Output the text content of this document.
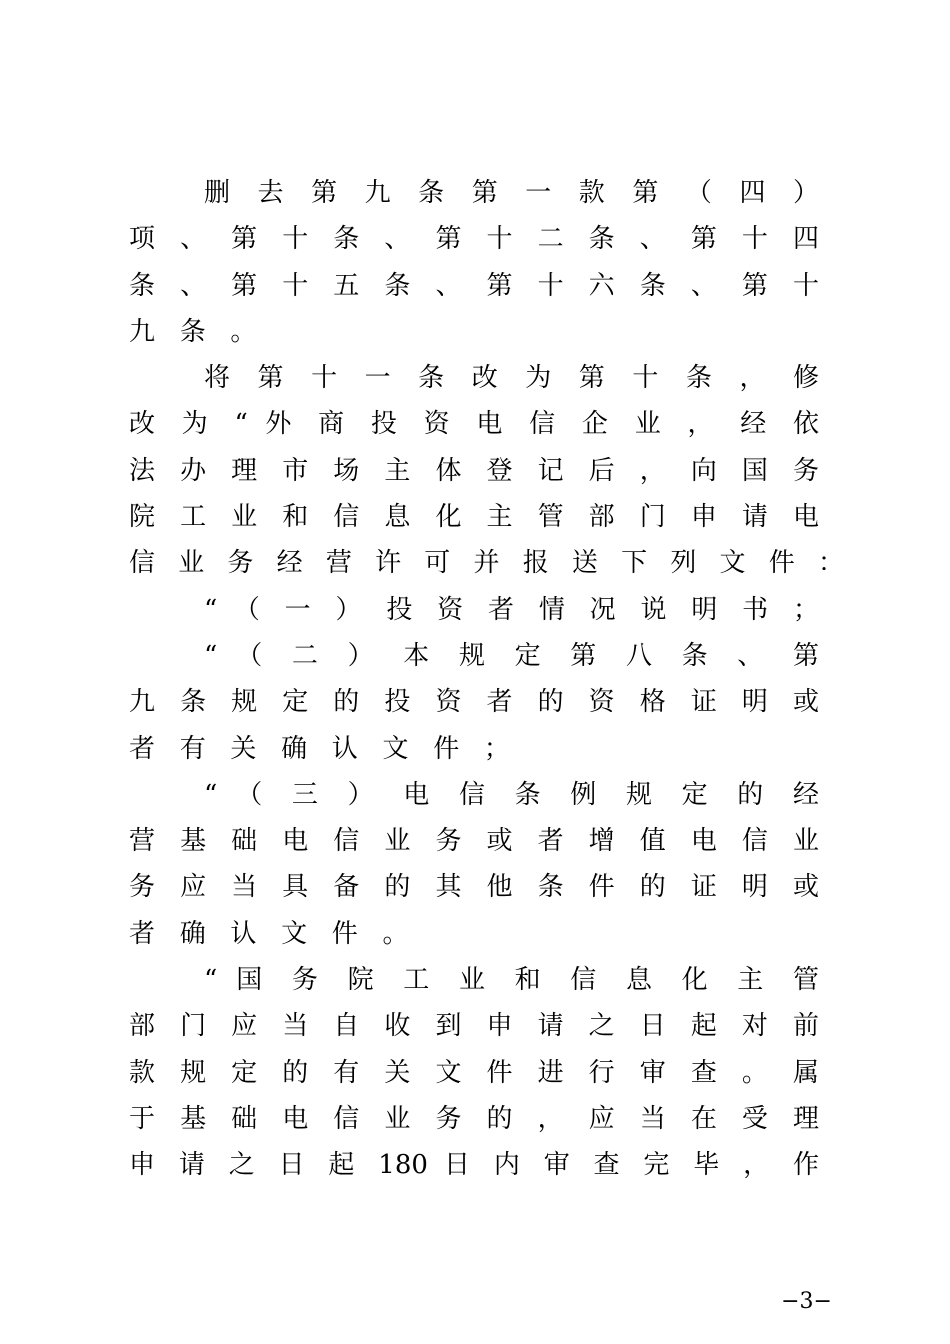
删 去 第 九 条 第 一 款 第 （ 四 ）
项 、 第 十 条 、 第 十 二 条 、 第 十 四
条 、 第 十 五 条 、 第 十 六 条 、 第 十
九条。
将 第 十 一 条 改 为 第 十 条 ， 修
改 为 “ 外 商 投 资 电 信 企 业 ， 经 依
法 办 理 市 场 主 体 登 记 后 ， 向 国 务
院 工 业 和 信 息 化 主 管 部 门 申 请 电
信 业 务 经 营 许 可 并 报 送 下 列 文 件 ：
“ （ 一 ） 投 资 者 情 况 说 明 书 ；
“ （ 二 ） 本 规 定 第 八 条 、 第
九 条 规 定 的 投 资 者 的 资 格 证 明 或
者有关确认文件；
“ （ 三 ） 电 信 条 例 规 定 的 经
营 基 础 电 信 业 务 或 者 增 值 电 信 业
务 应 当 具 备 的 其 他 条 件 的 证 明 或
者确认文件。
“ 国 务 院 工 业 和 信 息 化 主 管
部 门 应 当 自 收 到 申 请 之 日 起 对 前
款 规 定 的 有 关 文 件 进 行 审 查 。 属
于 基 础 电 信 业 务 的 ， 应 当 在 受 理
申 请 之 日 起 180 日 内 审 查 完 毕 ， 作
−3−
